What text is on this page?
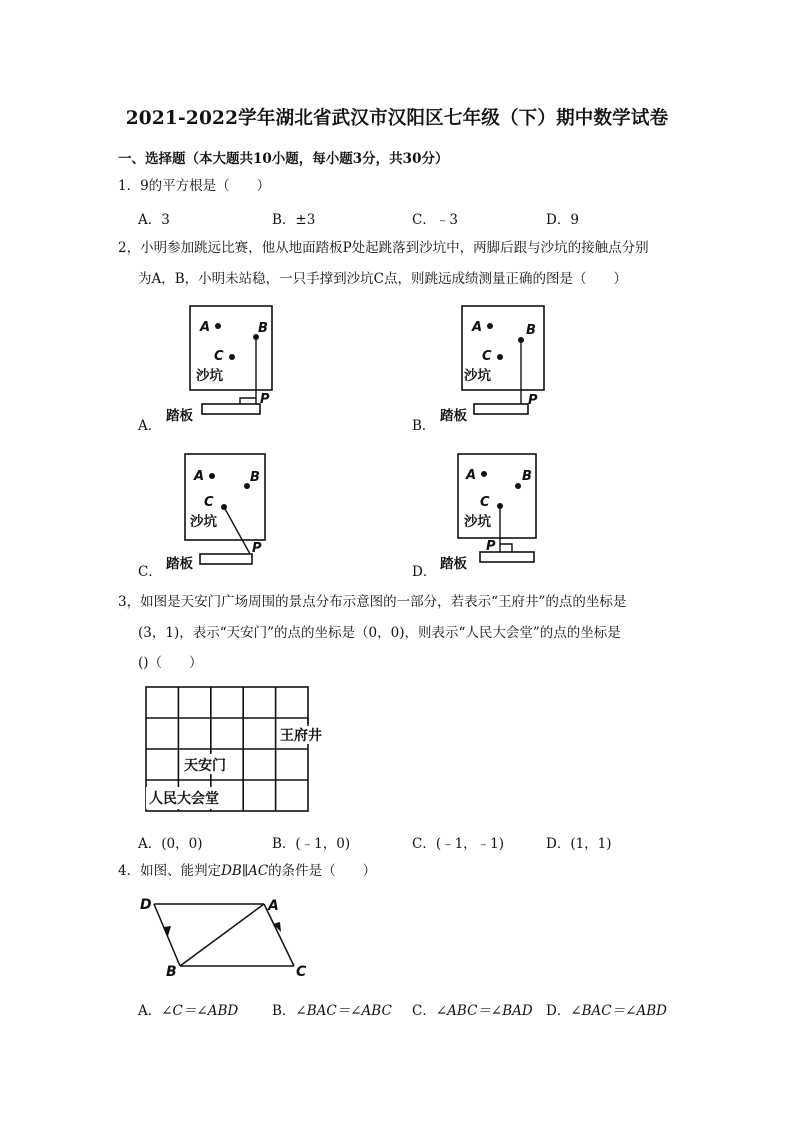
2021-2022学年湖北省武汉市汉阳区七年级（下）期中数学试卷
一、选择题（本大题共10小题，每小题3分，共30分）
1．9的平方根是（　　）
A．3	B．±3	C．﹣3	D．9
2，小明参加跳远比赛，他从地面踏板P处起跳落到沙坑中，两脚后跟与沙坑的接触点分别
为A，B，小明未站稳，一只手撑到沙坑C点，则跳远成绩测量正确的图是（　　）
A	B
C
沙坑
P
踏板
A	B
C
沙坑
P
踏板
A	B
C
沙坑
P
踏板
A	B
C
沙坑
P
踏板
A．	B．
C．	D．
3，如图是天安门广场周围的景点分布示意图的一部分，若表示“王府井”的点的坐标是
(3，1)，表示“天安门”的点的坐标是（0，0)，则表示“人民大会堂”的点的坐标是
()（　　）
王府井
天安门
人民大会堂
A．(0，0)	B．(﹣1，0)	C．(﹣1，﹣1)	D．(1，1)
4．如图、能判定DB∥AC的条件是（　　）
D	A
B	C
A．∠C＝∠ABD	B．∠BAC＝∠ABC C．∠ABC＝∠BAD D．∠BAC＝∠ABD
